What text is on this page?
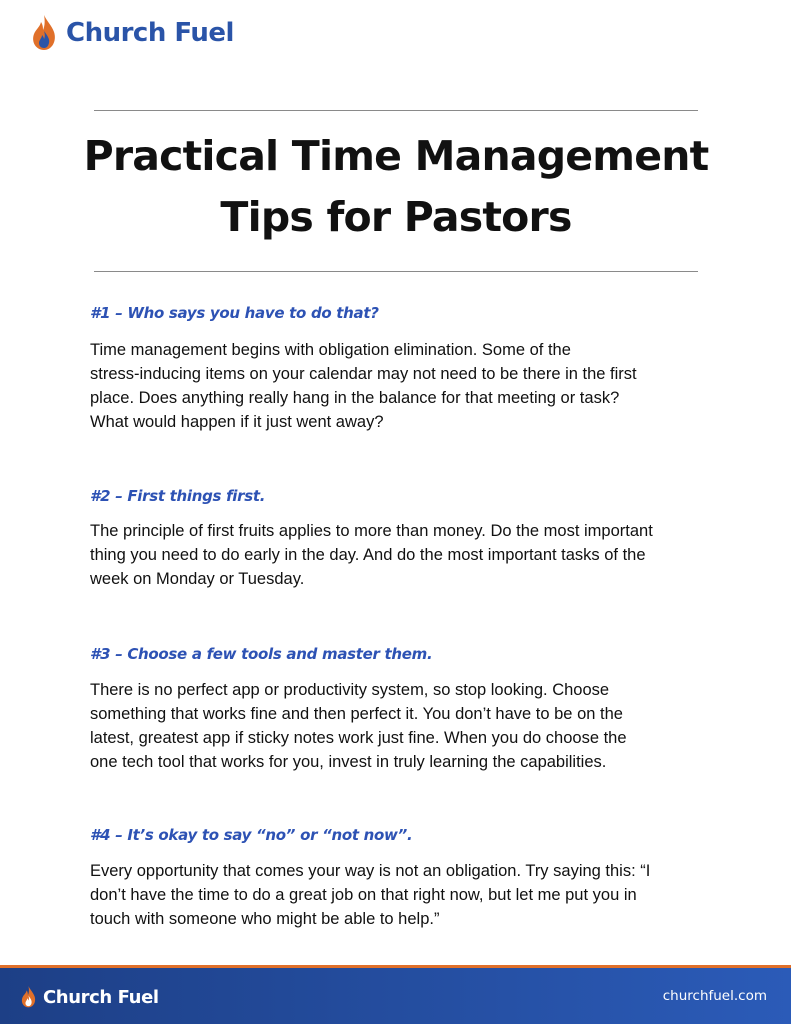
Church Fuel
Practical Time Management
Tips for Pastors
#1 – Who says you have to do that?

Time management begins with obligation elimination. Some of the
stress-inducing items on your calendar may not need to be there in the first
place. Does anything really hang in the balance for that meeting or task?
What would happen if it just went away?

#2 – First things first.

The principle of first fruits applies to more than money. Do the most important
thing you need to do early in the day. And do the most important tasks of the
week on Monday or Tuesday.

#3 – Choose a few tools and master them.

There is no perfect app or productivity system, so stop looking. Choose
something that works fine and then perfect it. You don’t have to be on the
latest, greatest app if sticky notes work just fine. When you do choose the
one tech tool that works for you, invest in truly learning the capabilities.

#4 – It’s okay to say “no” or “not now”.

Every opportunity that comes your way is not an obligation. Try saying this: “I
don’t have the time to do a great job on that right now, but let me put you in
touch with someone who might be able to help.”

Church Fuel	churchfuel.com
